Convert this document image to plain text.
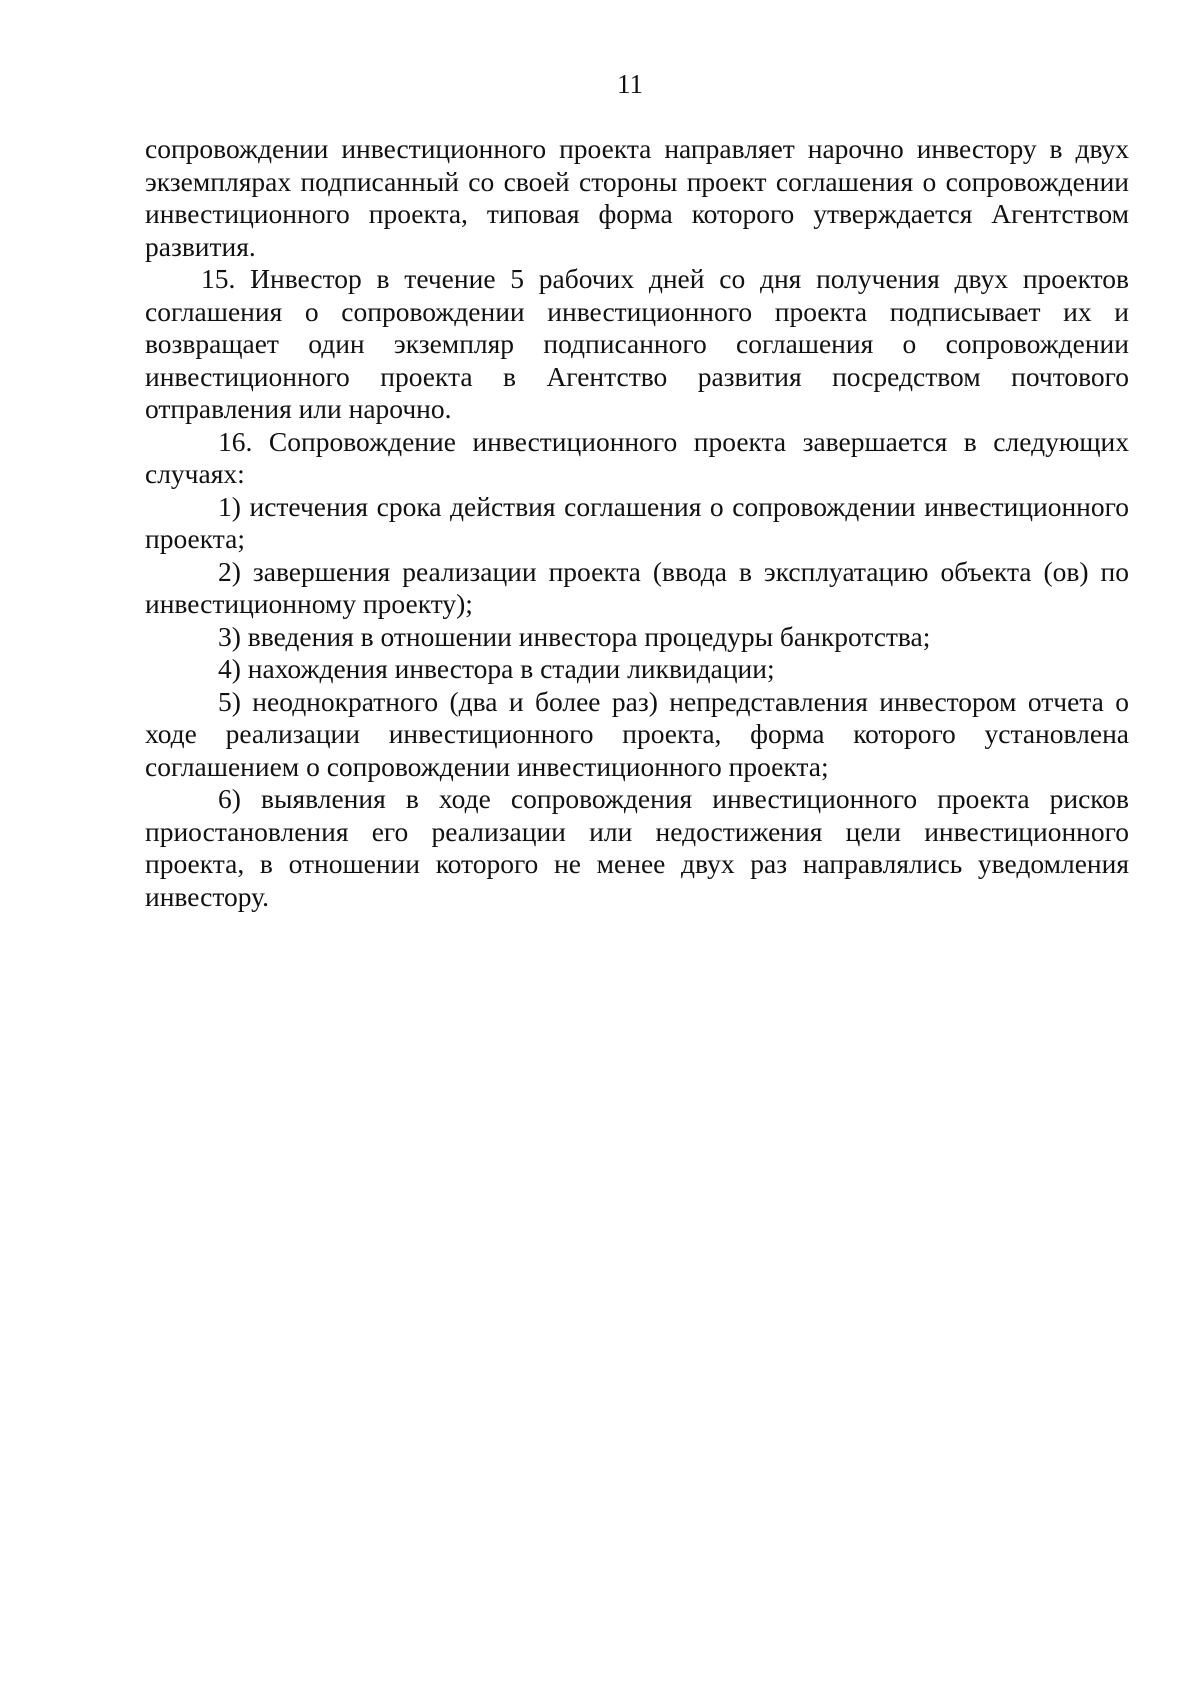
11

сопровождении инвестиционного проекта направляет нарочно инвестору в двух экземплярах подписанный со своей стороны проект соглашения о сопровождении инвестиционного проекта, типовая форма которого утверждается Агентством развития.

15. Инвестор в течение 5 рабочих дней со дня получения двух проектов соглашения о сопровождении инвестиционного проекта подписывает их и возвращает один экземпляр подписанного соглашения о сопровождении инвестиционного проекта в Агентство развития посредством почтового отправления или нарочно.

16. Сопровождение инвестиционного проекта завершается в следующих случаях:

1) истечения срока действия соглашения о сопровождении инвестиционного проекта;

2) завершения реализации проекта (ввода в эксплуатацию объекта (ов) по инвестиционному проекту);

3) введения в отношении инвестора процедуры банкротства;

4) нахождения инвестора в стадии ликвидации;

5) неоднократного (два и более раз) непредставления инвестором отчета о ходе реализации инвестиционного проекта, форма которого установлена соглашением о сопровождении инвестиционного проекта;

6) выявления в ходе сопровождения инвестиционного проекта рисков приостановления его реализации или недостижения цели инвестиционного проекта, в отношении которого не менее двух раз направлялись уведомления инвестору.
